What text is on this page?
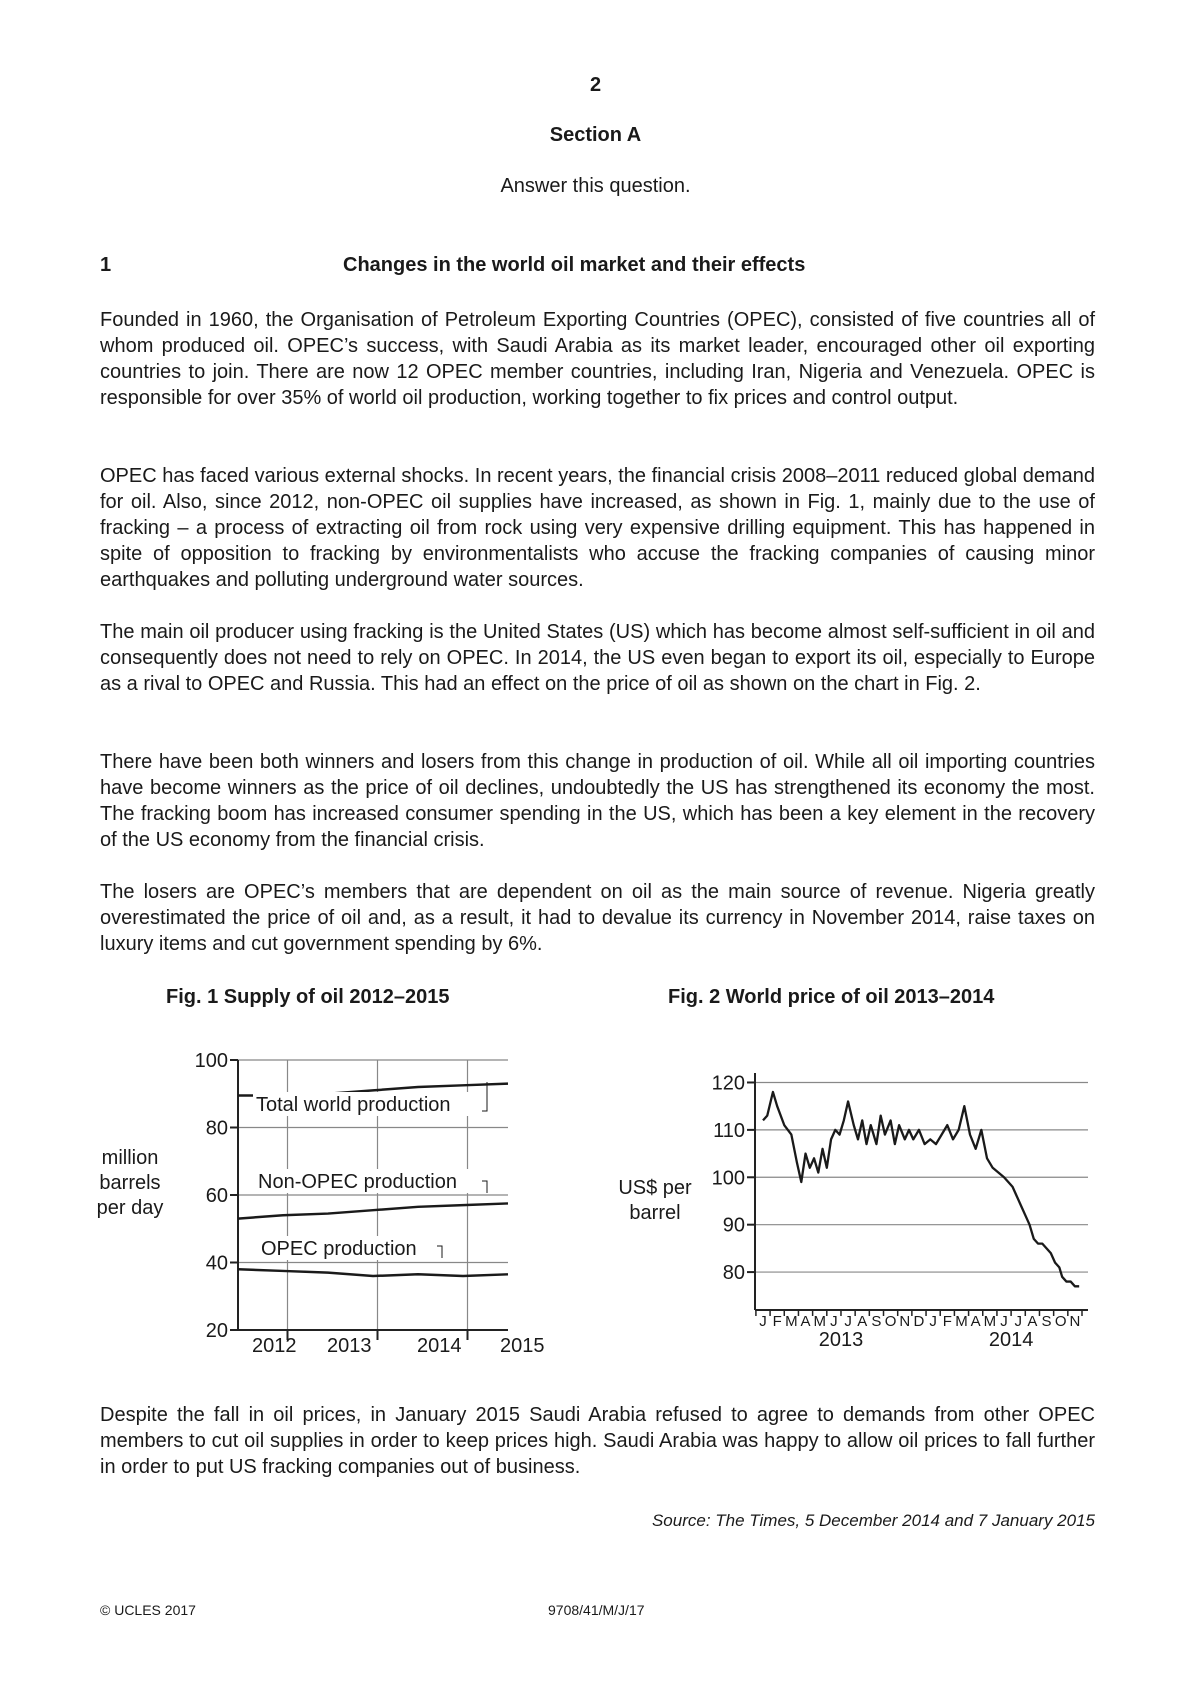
2
Section A
Answer this question.
1	Changes in the world oil market and their effects

Founded in 1960, the Organisation of Petroleum Exporting Countries (OPEC), consisted of five countries all of whom produced oil. OPEC’s success, with Saudi Arabia as its market leader, encouraged other oil exporting countries to join. There are now 12 OPEC member countries, including Iran, Nigeria and Venezuela. OPEC is responsible for over 35% of world oil production, working together to fix prices and control output.

OPEC has faced various external shocks. In recent years, the financial crisis 2008–2011 reduced global demand for oil. Also, since 2012, non-OPEC oil supplies have increased, as shown in Fig. 1, mainly due to the use of fracking – a process of extracting oil from rock using very expensive drilling equipment. This has happened in spite of opposition to fracking by environmentalists who accuse the fracking companies of causing minor earthquakes and polluting underground water sources.

The main oil producer using fracking is the United States (US) which has become almost self-sufficient in oil and consequently does not need to rely on OPEC. In 2014, the US even began to export its oil, especially to Europe as a rival to OPEC and Russia. This had an effect on the price of oil as shown on the chart in Fig. 2.

There have been both winners and losers from this change in production of oil. While all oil importing countries have become winners as the price of oil declines, undoubtedly the US has strengthened its economy the most. The fracking boom has increased consumer spending in the US, which has been a key element in the recovery of the US economy from the financial crisis.

The losers are OPEC’s members that are dependent on oil as the main source of revenue. Nigeria greatly overestimated the price of oil and, as a result, it had to devalue its currency in November 2014, raise taxes on luxury items and cut government spending by 6%.

Fig. 1 Supply of oil 2012–2015
20
40
60
80
100
2012 2013 2014 2015
Total world production
Non-OPEC production
OPEC production
million
barrels
per day
Fig. 2 World price of oil 2013–2014
80
90
100
110
120
J F M A M J J A S O N D J F M A M J J A S O N
2013	2014
US$ per
barrel

Despite the fall in oil prices, in January 2015 Saudi Arabia refused to agree to demands from other OPEC members to cut oil supplies in order to keep prices high. Saudi Arabia was happy to allow oil prices to fall further in order to put US fracking companies out of business.

Source: The Times, 5 December 2014 and 7 January 2015
© UCLES 2017	9708/41/M/J/17
